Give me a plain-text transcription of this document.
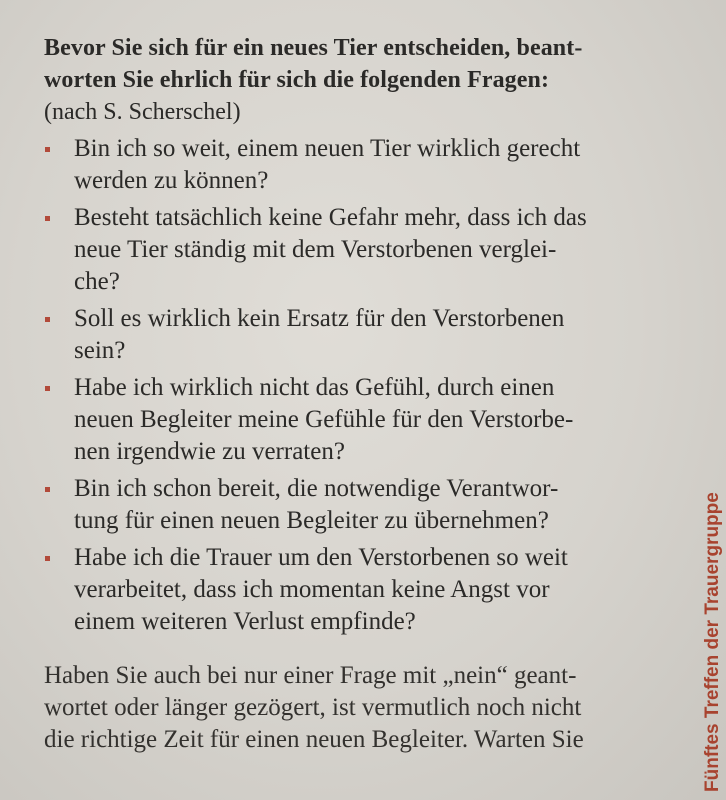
Bevor Sie sich für ein neues Tier entscheiden, beant-
worten Sie ehrlich für sich die folgenden Fragen:
(nach S. Scherschel)
Bin ich so weit, einem neuen Tier wirklich gerecht
werden zu können?
Besteht tatsächlich keine Gefahr mehr, dass ich das
neue Tier ständig mit dem Verstorbenen verglei-
che?
Soll es wirklich kein Ersatz für den Verstorbenen
sein?
Habe ich wirklich nicht das Gefühl, durch einen
neuen Begleiter meine Gefühle für den Verstorbe-
nen irgendwie zu verraten?
Bin ich schon bereit, die notwendige Verantwor-
tung für einen neuen Begleiter zu übernehmen?
Habe ich die Trauer um den Verstorbenen so weit
verarbeitet, dass ich momentan keine Angst vor
einem weiteren Verlust empfinde?
Haben Sie auch bei nur einer Frage mit „nein“ geant-
wortet oder länger gezögert, ist vermutlich noch nicht
die richtige Zeit für einen neuen Begleiter. Warten Sie	Fünftes Treffen der Trauergruppe
